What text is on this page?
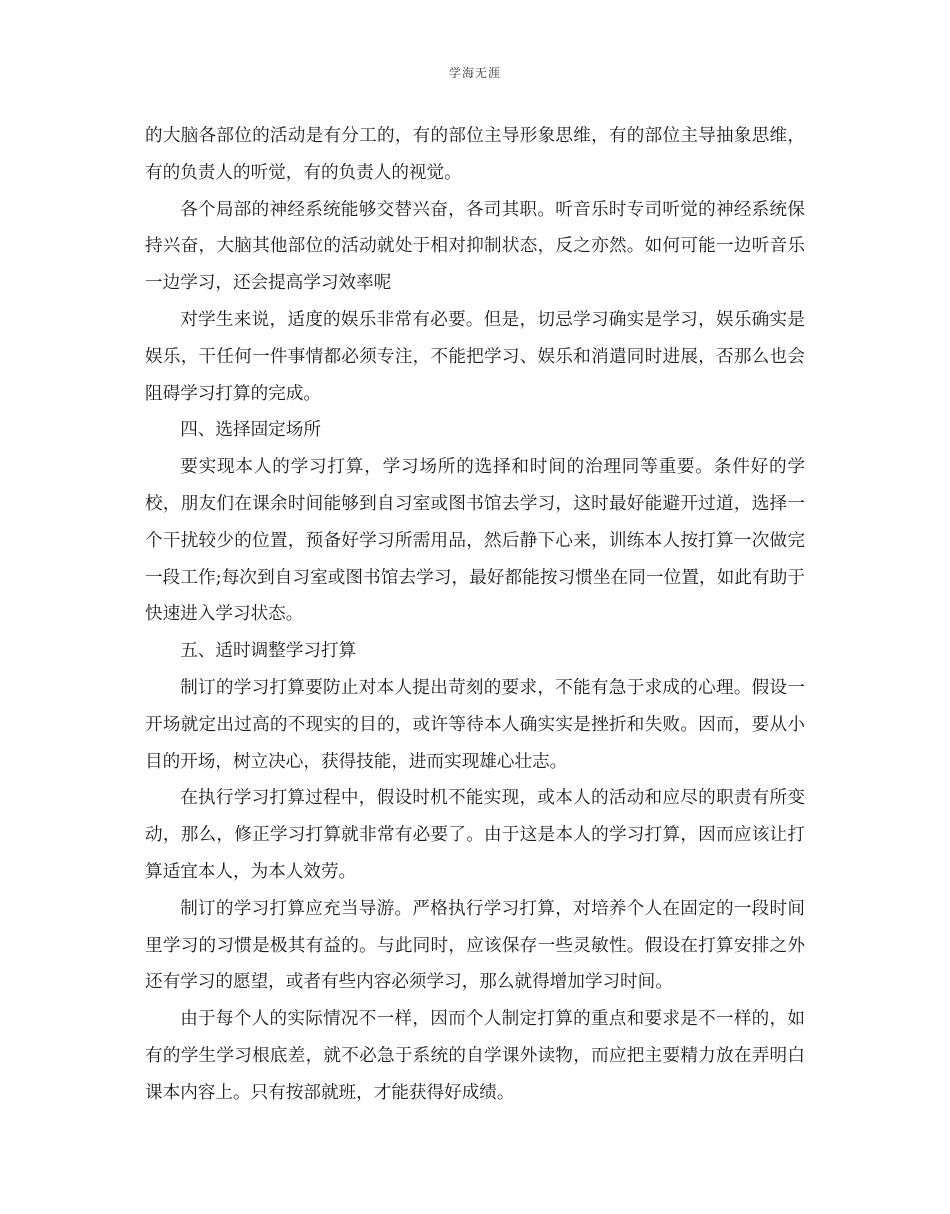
学海无涯

的大脑各部位的活动是有分工的，有的部位主导形象思维，有的部位主导抽象思维，有的负责人的听觉，有的负责人的视觉。

各个局部的神经系统能够交替兴奋，各司其职。听音乐时专司听觉的神经系统保持兴奋，大脑其他部位的活动就处于相对抑制状态，反之亦然。如何可能一边听音乐一边学习，还会提高学习效率呢

对学生来说，适度的娱乐非常有必要。但是，切忌学习确实是学习，娱乐确实是娱乐，干任何一件事情都必须专注，不能把学习、娱乐和消遣同时进展，否那么也会阻碍学习打算的完成。

四、选择固定场所

要实现本人的学习打算，学习场所的选择和时间的治理同等重要。条件好的学校，朋友们在课余时间能够到自习室或图书馆去学习，这时最好能避开过道，选择一个干扰较少的位置，预备好学习所需用品，然后静下心来，训练本人按打算一次做完一段工作;每次到自习室或图书馆去学习，最好都能按习惯坐在同一位置，如此有助于快速进入学习状态。

五、适时调整学习打算

制订的学习打算要防止对本人提出苛刻的要求，不能有急于求成的心理。假设一开场就定出过高的不现实的目的，或许等待本人确实实是挫折和失败。因而，要从小目的开场，树立决心，获得技能，进而实现雄心壮志。

在执行学习打算过程中，假设时机不能实现，或本人的活动和应尽的职责有所变动，那么，修正学习打算就非常有必要了。由于这是本人的学习打算，因而应该让打算适宜本人，为本人效劳。

制订的学习打算应充当导游。严格执行学习打算，对培养个人在固定的一段时间里学习的习惯是极其有益的。与此同时，应该保存一些灵敏性。假设在打算安排之外还有学习的愿望，或者有些内容必须学习，那么就得增加学习时间。

由于每个人的实际情况不一样，因而个人制定打算的重点和要求是不一样的，如有的学生学习根底差，就不必急于系统的自学课外读物，而应把主要精力放在弄明白课本内容上。只有按部就班，才能获得好成绩。
